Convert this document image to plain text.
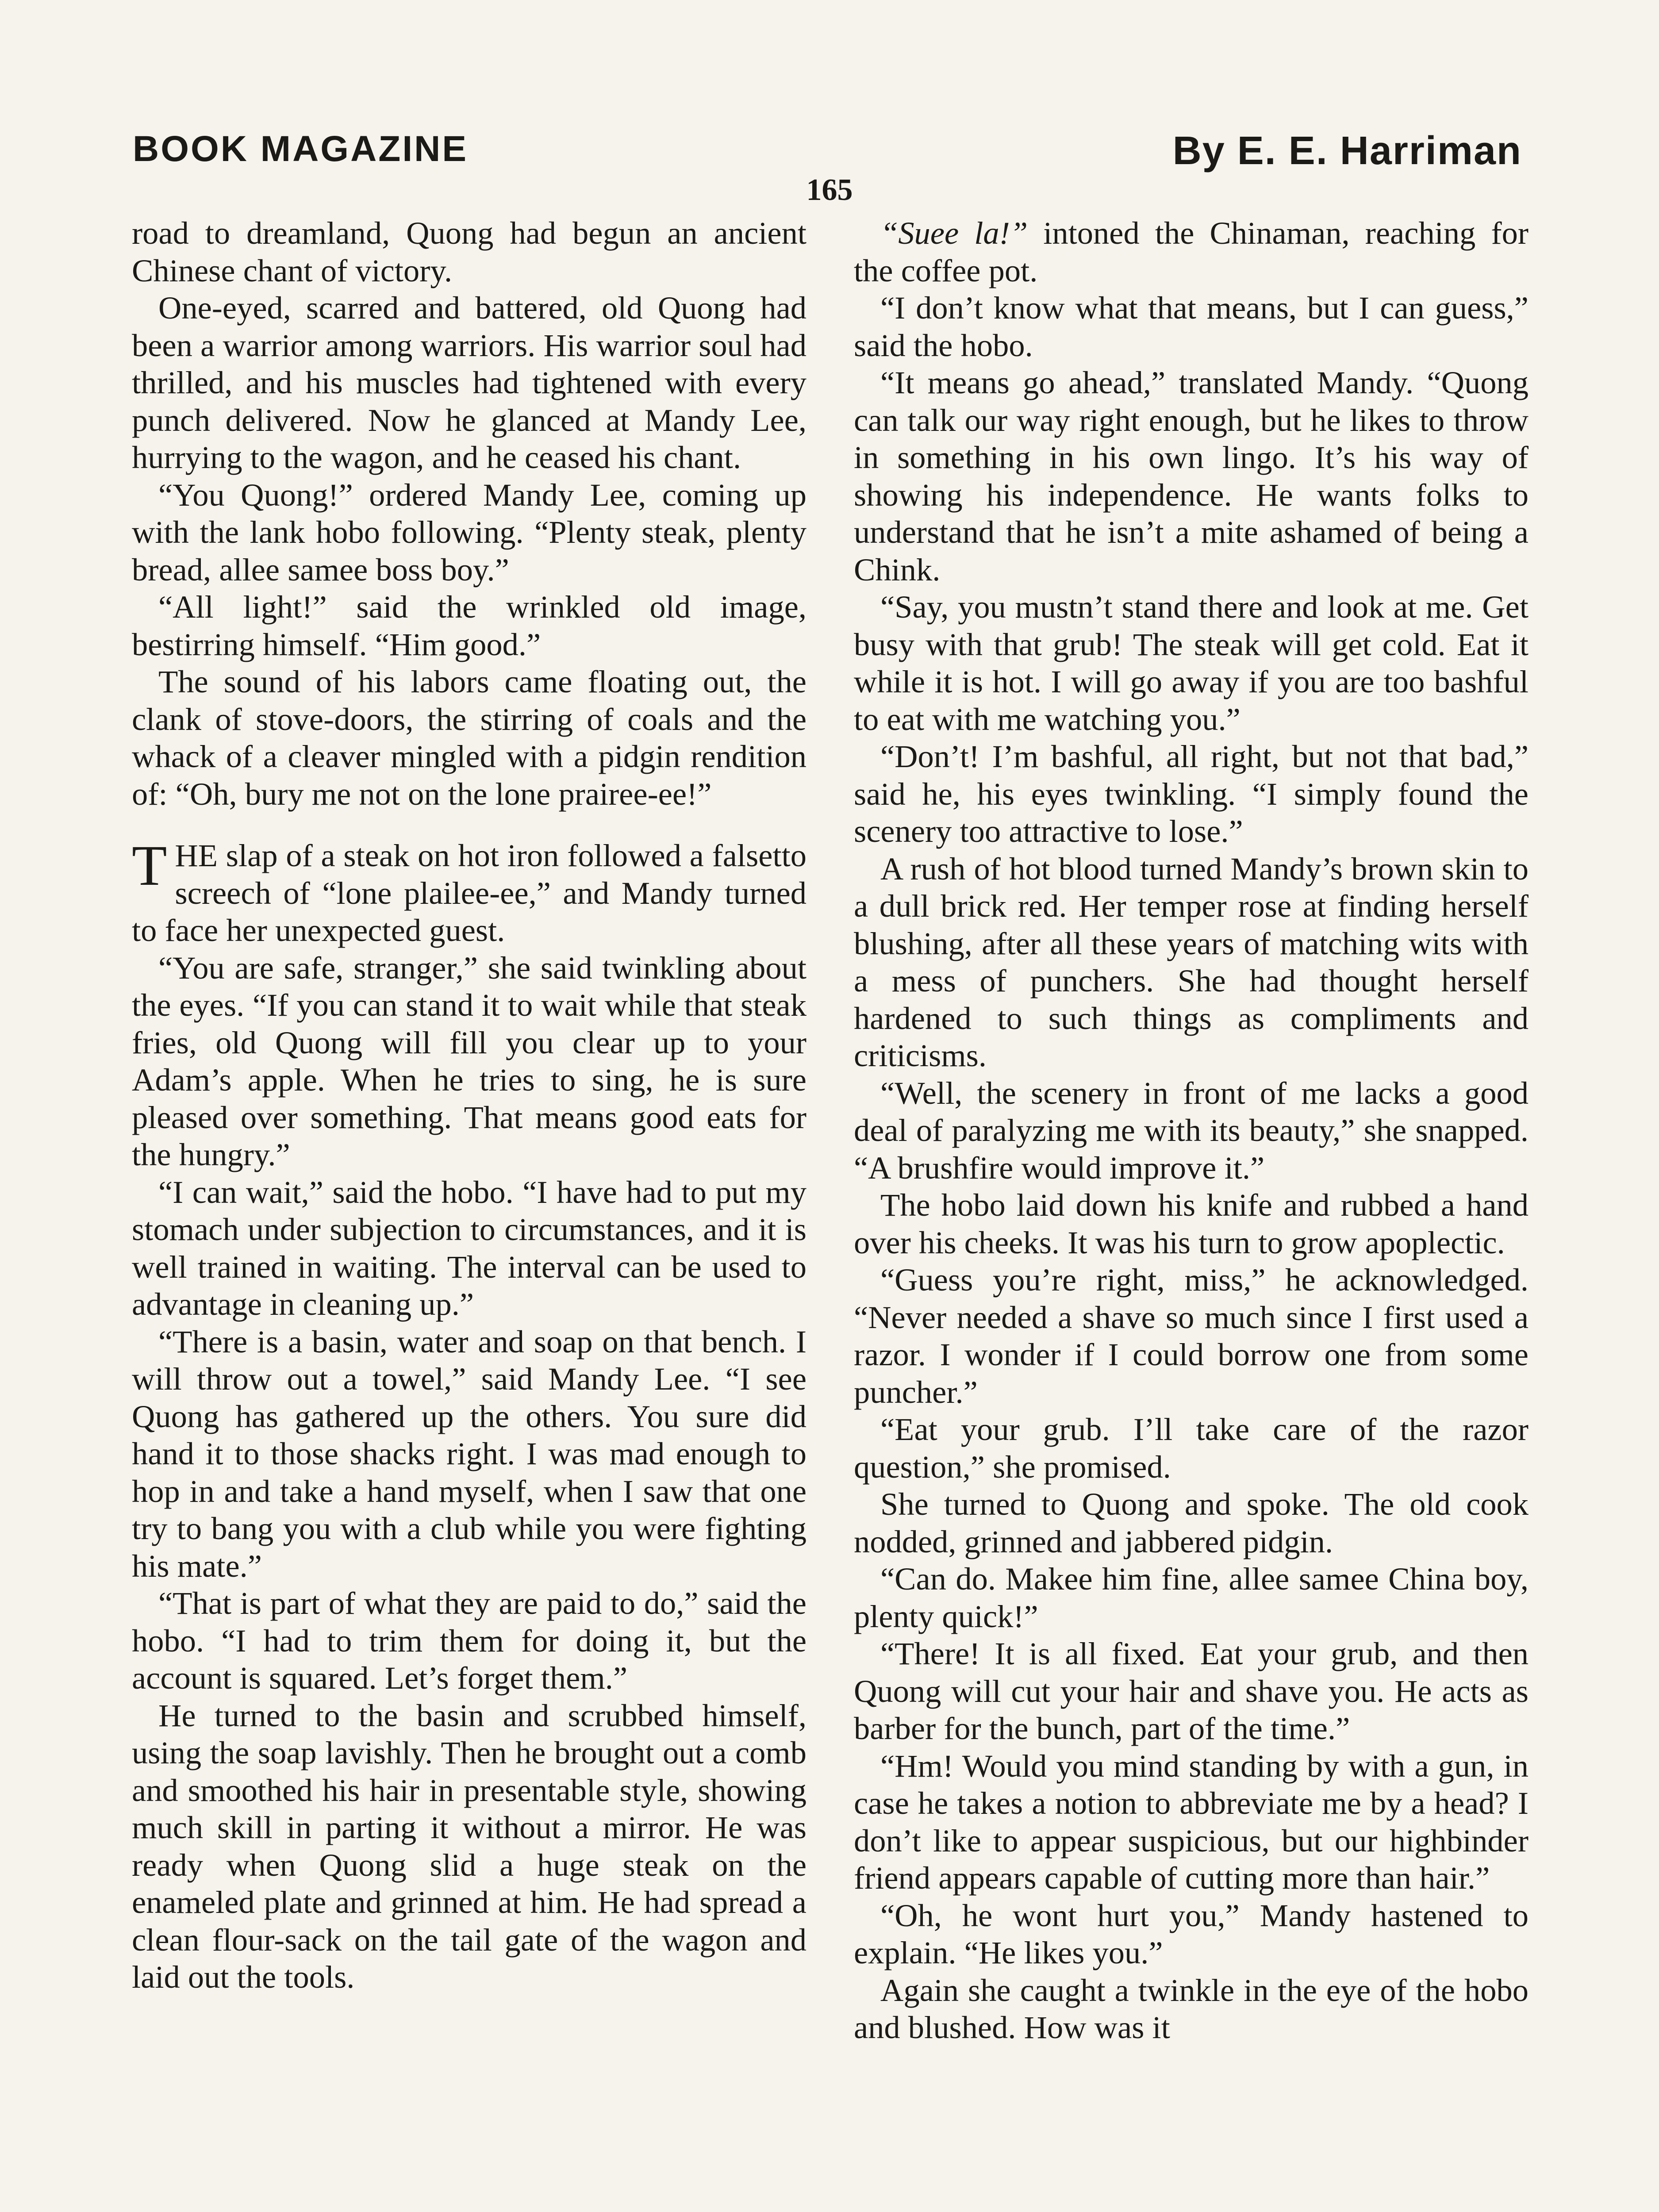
BOOK MAGAZINE	By E. E. Harriman
165

road to dreamland, Quong had begun an ancient Chinese chant of victory.

One-eyed, scarred and battered, old Quong had been a warrior among warriors. His warrior soul had thrilled, and his muscles had tightened with every punch delivered. Now he glanced at Mandy Lee, hurrying to the wagon, and he ceased his chant.

“You Quong!” ordered Mandy Lee, coming up with the lank hobo following. “Plenty steak, plenty bread, allee samee boss boy.”

“All light!” said the wrinkled old image, bestirring himself. “Him good.”

The sound of his labors came floating out, the clank of stove-doors, the stirring of coals and the whack of a cleaver mingled with a pidgin rendition of: “Oh, bury me not on the lone prairee-ee!”

THE slap of a steak on hot iron followed a falsetto screech of “lone plailee-ee,” and Mandy turned to face her unexpected guest.

“You are safe, stranger,” she said twinkling about the eyes. “If you can stand it to wait while that steak fries, old Quong will fill you clear up to your Adam’s apple. When he tries to sing, he is sure pleased over something. That means good eats for the hungry.”

“I can wait,” said the hobo. “I have had to put my stomach under subjection to circumstances, and it is well trained in waiting. The interval can be used to advantage in cleaning up.”

“There is a basin, water and soap on that bench. I will throw out a towel,” said Mandy Lee. “I see Quong has gathered up the others. You sure did hand it to those shacks right. I was mad enough to hop in and take a hand myself, when I saw that one try to bang you with a club while you were fighting his mate.”

“That is part of what they are paid to do,” said the hobo. “I had to trim them for doing it, but the account is squared. Let’s forget them.”

He turned to the basin and scrubbed himself, using the soap lavishly. Then he brought out a comb and smoothed his hair in presentable style, showing much skill in parting it without a mirror. He was ready when Quong slid a huge steak on the enameled plate and grinned at him. He had spread a clean flour-sack on the tail gate of the wagon and laid out the tools.

“Suee la!” intoned the Chinaman, reaching for the coffee pot.

“I don’t know what that means, but I can guess,” said the hobo.

“It means go ahead,” translated Mandy. “Quong can talk our way right enough, but he likes to throw in something in his own lingo. It’s his way of showing his independence. He wants folks to understand that he isn’t a mite ashamed of being a Chink.

“Say, you mustn’t stand there and look at me. Get busy with that grub! The steak will get cold. Eat it while it is hot. I will go away if you are too bashful to eat with me watching you.”

“Don’t! I’m bashful, all right, but not that bad,” said he, his eyes twinkling. “I simply found the scenery too attractive to lose.”

A rush of hot blood turned Mandy’s brown skin to a dull brick red. Her temper rose at finding herself blushing, after all these years of matching wits with a mess of punchers. She had thought herself hardened to such things as compliments and criticisms.

“Well, the scenery in front of me lacks a good deal of paralyzing me with its beauty,” she snapped. “A brushfire would improve it.”

The hobo laid down his knife and rubbed a hand over his cheeks. It was his turn to grow apoplectic.

“Guess you’re right, miss,” he acknowledged. “Never needed a shave so much since I first used a razor. I wonder if I could borrow one from some puncher.”

“Eat your grub. I’ll take care of the razor question,” she promised.

She turned to Quong and spoke. The old cook nodded, grinned and jabbered pidgin.

“Can do. Makee him fine, allee samee China boy, plenty quick!”

“There! It is all fixed. Eat your grub, and then Quong will cut your hair and shave you. He acts as barber for the bunch, part of the time.”

“Hm! Would you mind standing by with a gun, in case he takes a notion to abbreviate me by a head? I don’t like to appear suspicious, but our highbinder friend appears capable of cutting more than hair.”

“Oh, he wont hurt you,” Mandy hastened to explain. “He likes you.”

Again she caught a twinkle in the eye of the hobo and blushed. How was it
